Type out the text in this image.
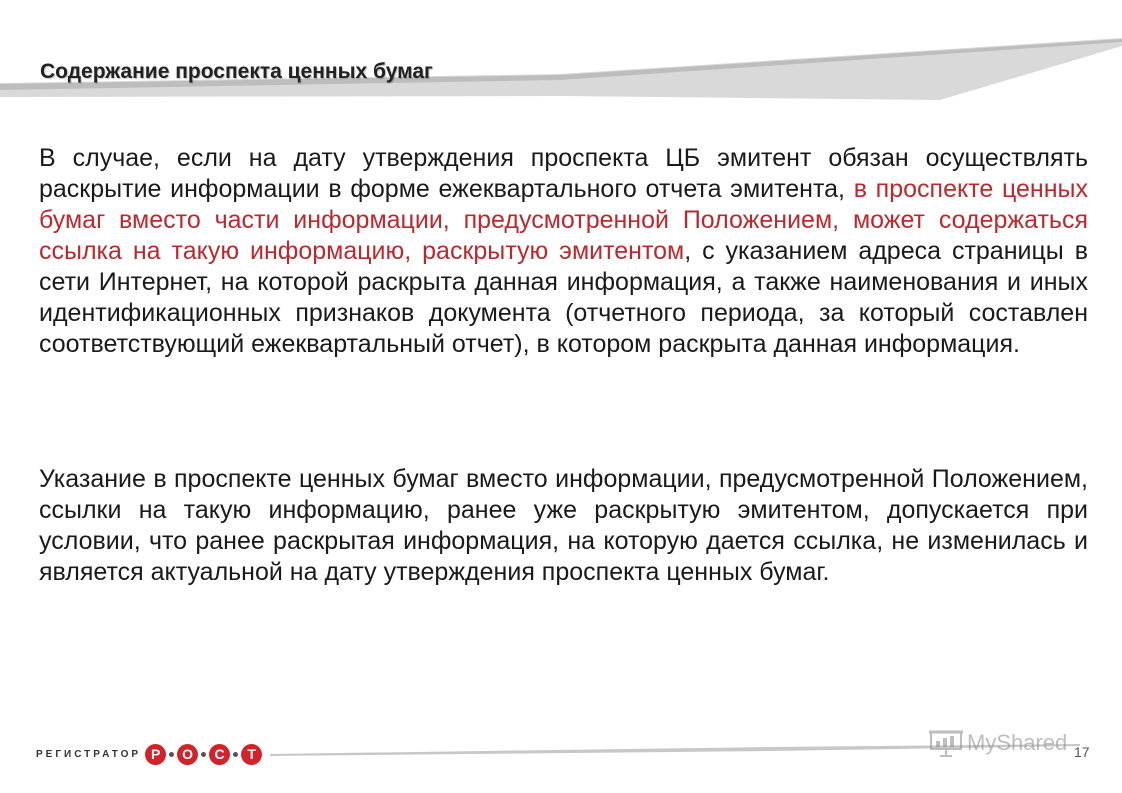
Содержание проспекта ценных бумаг

В случае, если на дату утверждения проспекта ЦБ эмитент обязан осуществлять раскрытие информации в форме ежеквартального отчета эмитента, в проспекте ценных бумаг вместо части информации, предусмотренной Положением, может содержаться ссылка на такую информацию, раскрытую эмитентом, с указанием адреса страницы в сети Интернет, на которой раскрыта данная информация, а также наименования и иных идентификационных признаков документа (отчетного периода, за который составлен соответствующий ежеквартальный отчет), в котором раскрыта данная информация.

Указание в проспекте ценных бумаг вместо информации, предусмотренной Положением, ссылки на такую информацию, ранее уже раскрытую эмитентом, допускается при условии, что ранее раскрытая информация, на которую дается ссылка, не изменилась и является актуальной на дату утверждения проспекта ценных бумаг.

РЕГИСТРАТОР Р	О	С	Т	MyShared 17
